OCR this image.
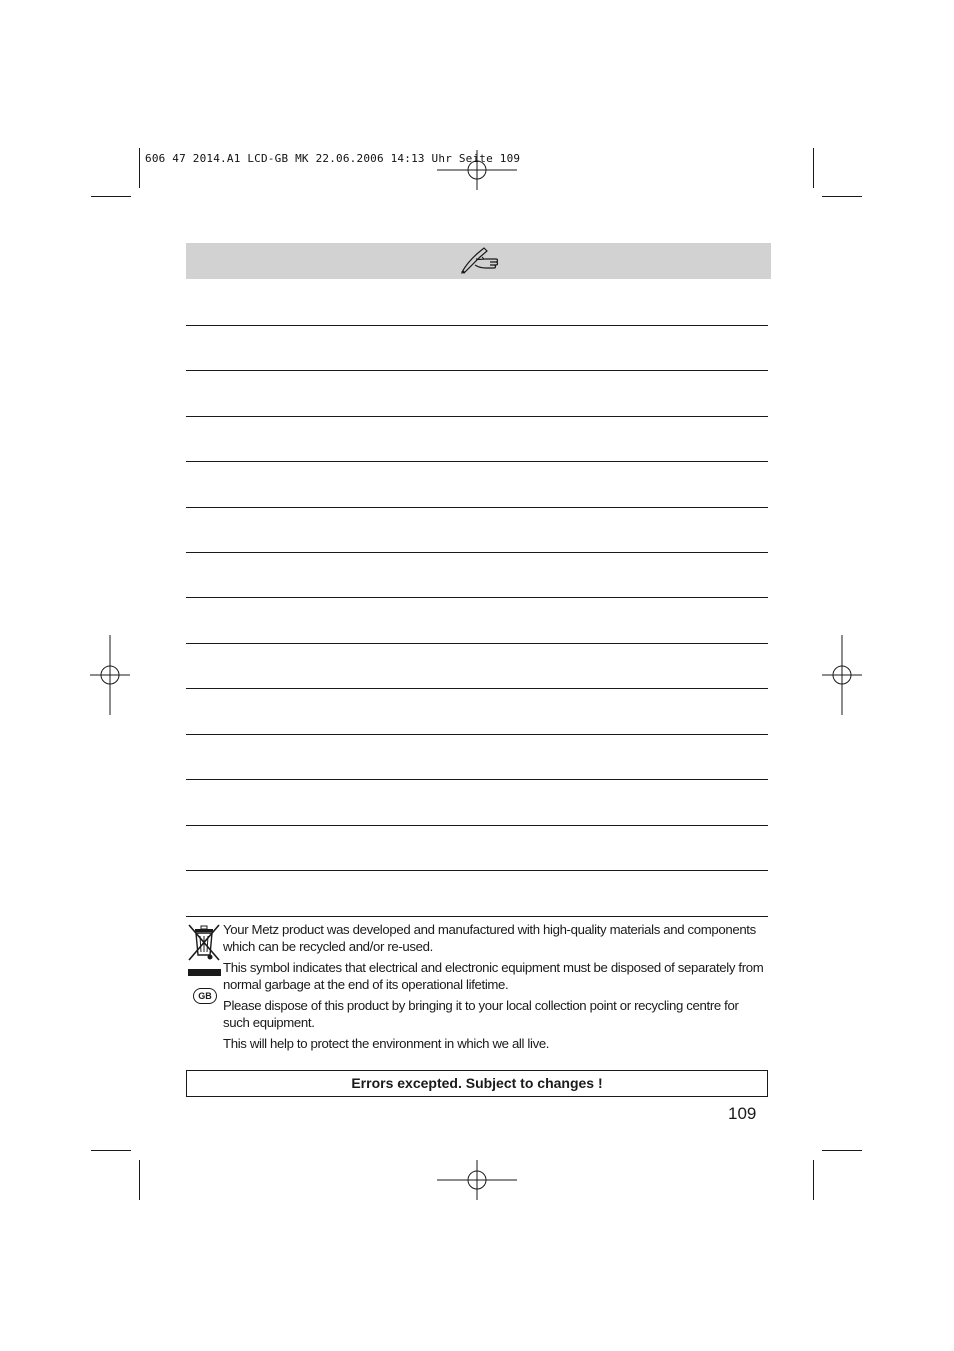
606 47 2014.A1 LCD-GB MK 22.06.2006 14:13 Uhr Seite 109
GB

Your Metz product was developed and manufactured with high-quality materials and components which can be recycled and/or re-used.

This symbol indicates that electrical and electronic equipment must be disposed of separately from normal garbage at the end of its operational lifetime.

Please dispose of this product by bringing it to your local collection point or recycling centre for such equipment.

This will help to protect the environment in which we all live.

Errors excepted. Subject to changes !
109
